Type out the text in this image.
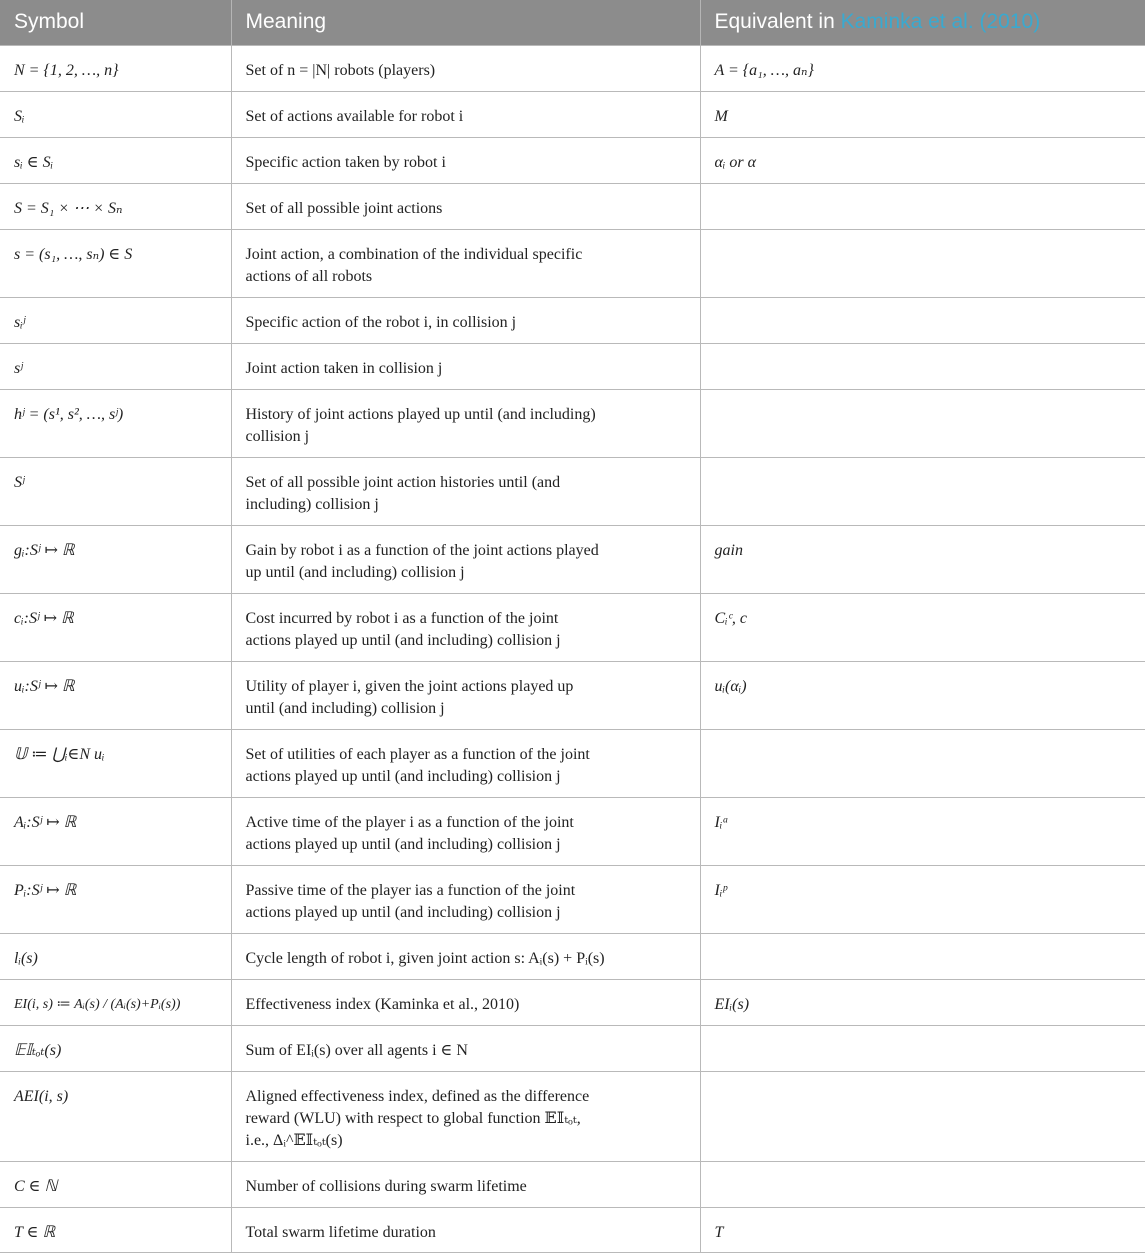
Symbol	Meaning	Equivalent in Kaminka et al. (2010)
N = {1, 2, …, n}	Set of n = |N| robots (players)	A = {a₁, …, aₙ}
Sᵢ	Set of actions available for robot i	M
sᵢ ∈ Sᵢ	Specific action taken by robot i	αᵢ or α
S = S₁ × ⋯ × Sₙ	Set of all possible joint actions	

s = (s₁, …, sₙ) ∈ S	Joint action, a combination of the individual specific actions of all robots	

sᵢʲ	Specific action of the robot i, in collision j	

sʲ	Joint action taken in collision j	

hʲ = (s¹, s², …, sʲ)	History of joint actions played up until (and including) collision j	

Sʲ	Set of all possible joint action histories until (and including) collision j	

gᵢ:Sʲ ↦ ℝ	Gain by robot i as a function of the joint actions played up until (and including) collision j	gain
cᵢ:Sʲ ↦ ℝ	Cost incurred by robot i as a function of the joint actions played up until (and including) collision j	Cᵢᶜ, c
uᵢ:Sʲ ↦ ℝ	Utility of player i, given the joint actions played up until (and including) collision j	uᵢ(αᵢ)
𝕌 ≔ ⋃ᵢ∈N uᵢ	Set of utilities of each player as a function of the joint actions played up until (and including) collision j	

Aᵢ:Sʲ ↦ ℝ	Active time of the player i as a function of the joint actions played up until (and including) collision j	Iᵢᵃ
Pᵢ:Sʲ ↦ ℝ	Passive time of the player ias a function of the joint actions played up until (and including) collision j	Iᵢᵖ
lᵢ(s)	Cycle length of robot i, given joint action s: Aᵢ(s) + Pᵢ(s)	

EI(i, s) ≔ Aᵢ(s) / (Aᵢ(s)+Pᵢ(s))	Effectiveness index (Kaminka et al., 2010)	EIᵢ(s)
𝔼𝕀ₜₒₜ(s)	Sum of EIᵢ(s) over all agents i ∈ N	

AEI(i, s)	Aligned effectiveness index, defined as the difference reward (WLU) with respect to global function 𝔼𝕀ₜₒₜ, i.e., Δᵢ^𝔼𝕀ₜₒₜ(s)	

C ∈ ℕ	Number of collisions during swarm lifetime	

T ∈ ℝ	Total swarm lifetime duration	T
